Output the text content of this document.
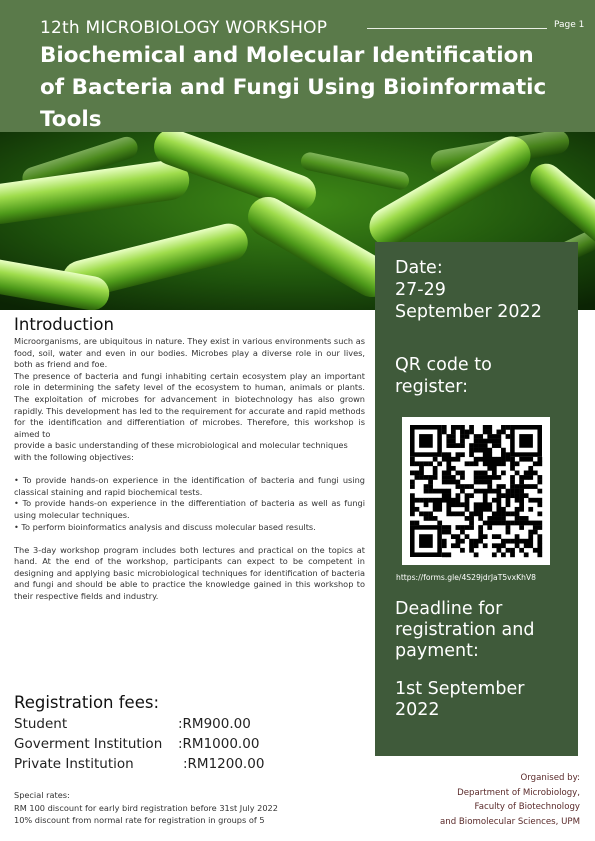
12th MICROBIOLOGY WORKSHOP	Page 1
Biochemical and Molecular Identification
of Bacteria and Fungi Using Bioinformatic
Tools
Date:
27-29
September 2022
QR code to
register:
https://forms.gle/4S29jdrJaT5vxKhV8
Deadline for
registration and
payment:
1st September
2022
Introduction

Microorganisms, are ubiquitous in nature. They exist in various environments such as food, soil, water and even in our bodies. Microbes play a diverse role in our lives, both as friend and foe.

The presence of bacteria and fungi inhabiting certain ecosystem play an important role in determining the safety level of the ecosystem to human, animals or plants. The exploitation of microbes for advancement in biotechnology has also grown rapidly. This development has led to the requirement for accurate and rapid methods for the identification and differentiation of microbes. Therefore, this workshop is aimed to

provide a basic understanding of these microbiological and molecular techniques with the following objectives:

• To provide hands-on experience in the identification of bacteria and fungi using classical staining and rapid biochemical tests.

• To provide hands-on experience in the differentiation of bacteria as well as fungi using molecular techniques.

• To perform bioinformatics analysis and discuss molecular based results.

The 3-day workshop program includes both lectures and practical on the topics at hand. At the end of the workshop, participants can expect to be competent in designing and applying basic microbiological techniques for identification of bacteria and fungi and should be able to practice the knowledge gained in this workshop to their respective fields and industry.

Registration fees:
Student	:RM900.00
Goverment Institution :RM1000.00
Private Institution	:RM1200.00
Special rates:
RM 100 discount for early bird registration before 31st July 2022
10% discount from normal rate for registration in groups of 5
Organised by:
Department of Microbiology,
Faculty of Biotechnology
and Biomolecular Sciences, UPM
